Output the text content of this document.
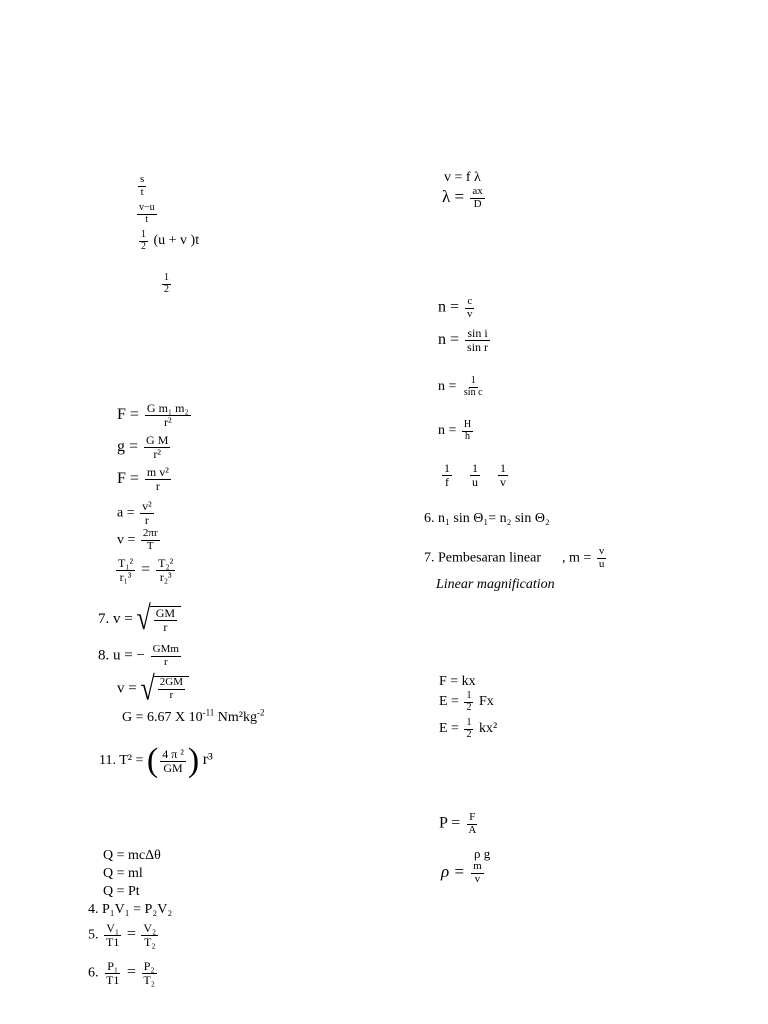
$\frac{s}{t}$
$\frac{v-u}{t}$
$\frac{1}{2} (u + v$ )t
$\frac{1}{2}$
$F = \frac{\text{G m₁ m₂}}{\text{r²}}$
$g = \frac{\text{G M}}{\text{r²}}$
$F = \frac{\text{m v²}}{r}$
$a = \frac{\text{v²}}{r}$
$v = \frac{2\pi r}{T}$
$\frac{\text{T₁²}}{\text{r₁³}} = \frac{\text{T₂²}}{\text{r₂³}}$
7. v = √ $\frac{GM}{r}$
8. u = − $\frac{\text{GMm}}{r}$
v = √ $\frac{2GM}{r}$
G = 6.67 X $10^{-11}$ $Nm^2kg^{-2}$
11. T² = ( $\frac{\text{4 π ²}}{GM}$ ) r³
Q = mcΔθ
Q = ml
Q = Pt
4. P₁V₁ = P₂V₂
5. $\frac{\text{V₁}}{T1} = \frac{\text{V₂}}{\text{T₂}}$
6. $\frac{\text{P₁}}{T1} = \frac{\text{P₂}}{\text{T₂}}$
v = f λ
$\lambda = \frac{ax}{D}$
$n = \frac{c}{v}$
$n = \frac{\text{sin i}}{\text{sin r}}$
$n = \frac{1}{\text{sin c}}$
$n = \frac{H}{h}$
$\frac{1}{f}$
$\frac{1}{u}$
$\frac{1}{v}$
6. n₁ sin Θ₁= n₂ sin Θ₂
7. Pembesaran linear , $m = \frac{v}{u}$
Linear magnification
F = kx
$E = \frac{1}{2}$ Fx
$E = \frac{1}{2} kx^2$
$P = \frac{F}{A}$
ρ g
$\rho = \frac{m}{v}$
